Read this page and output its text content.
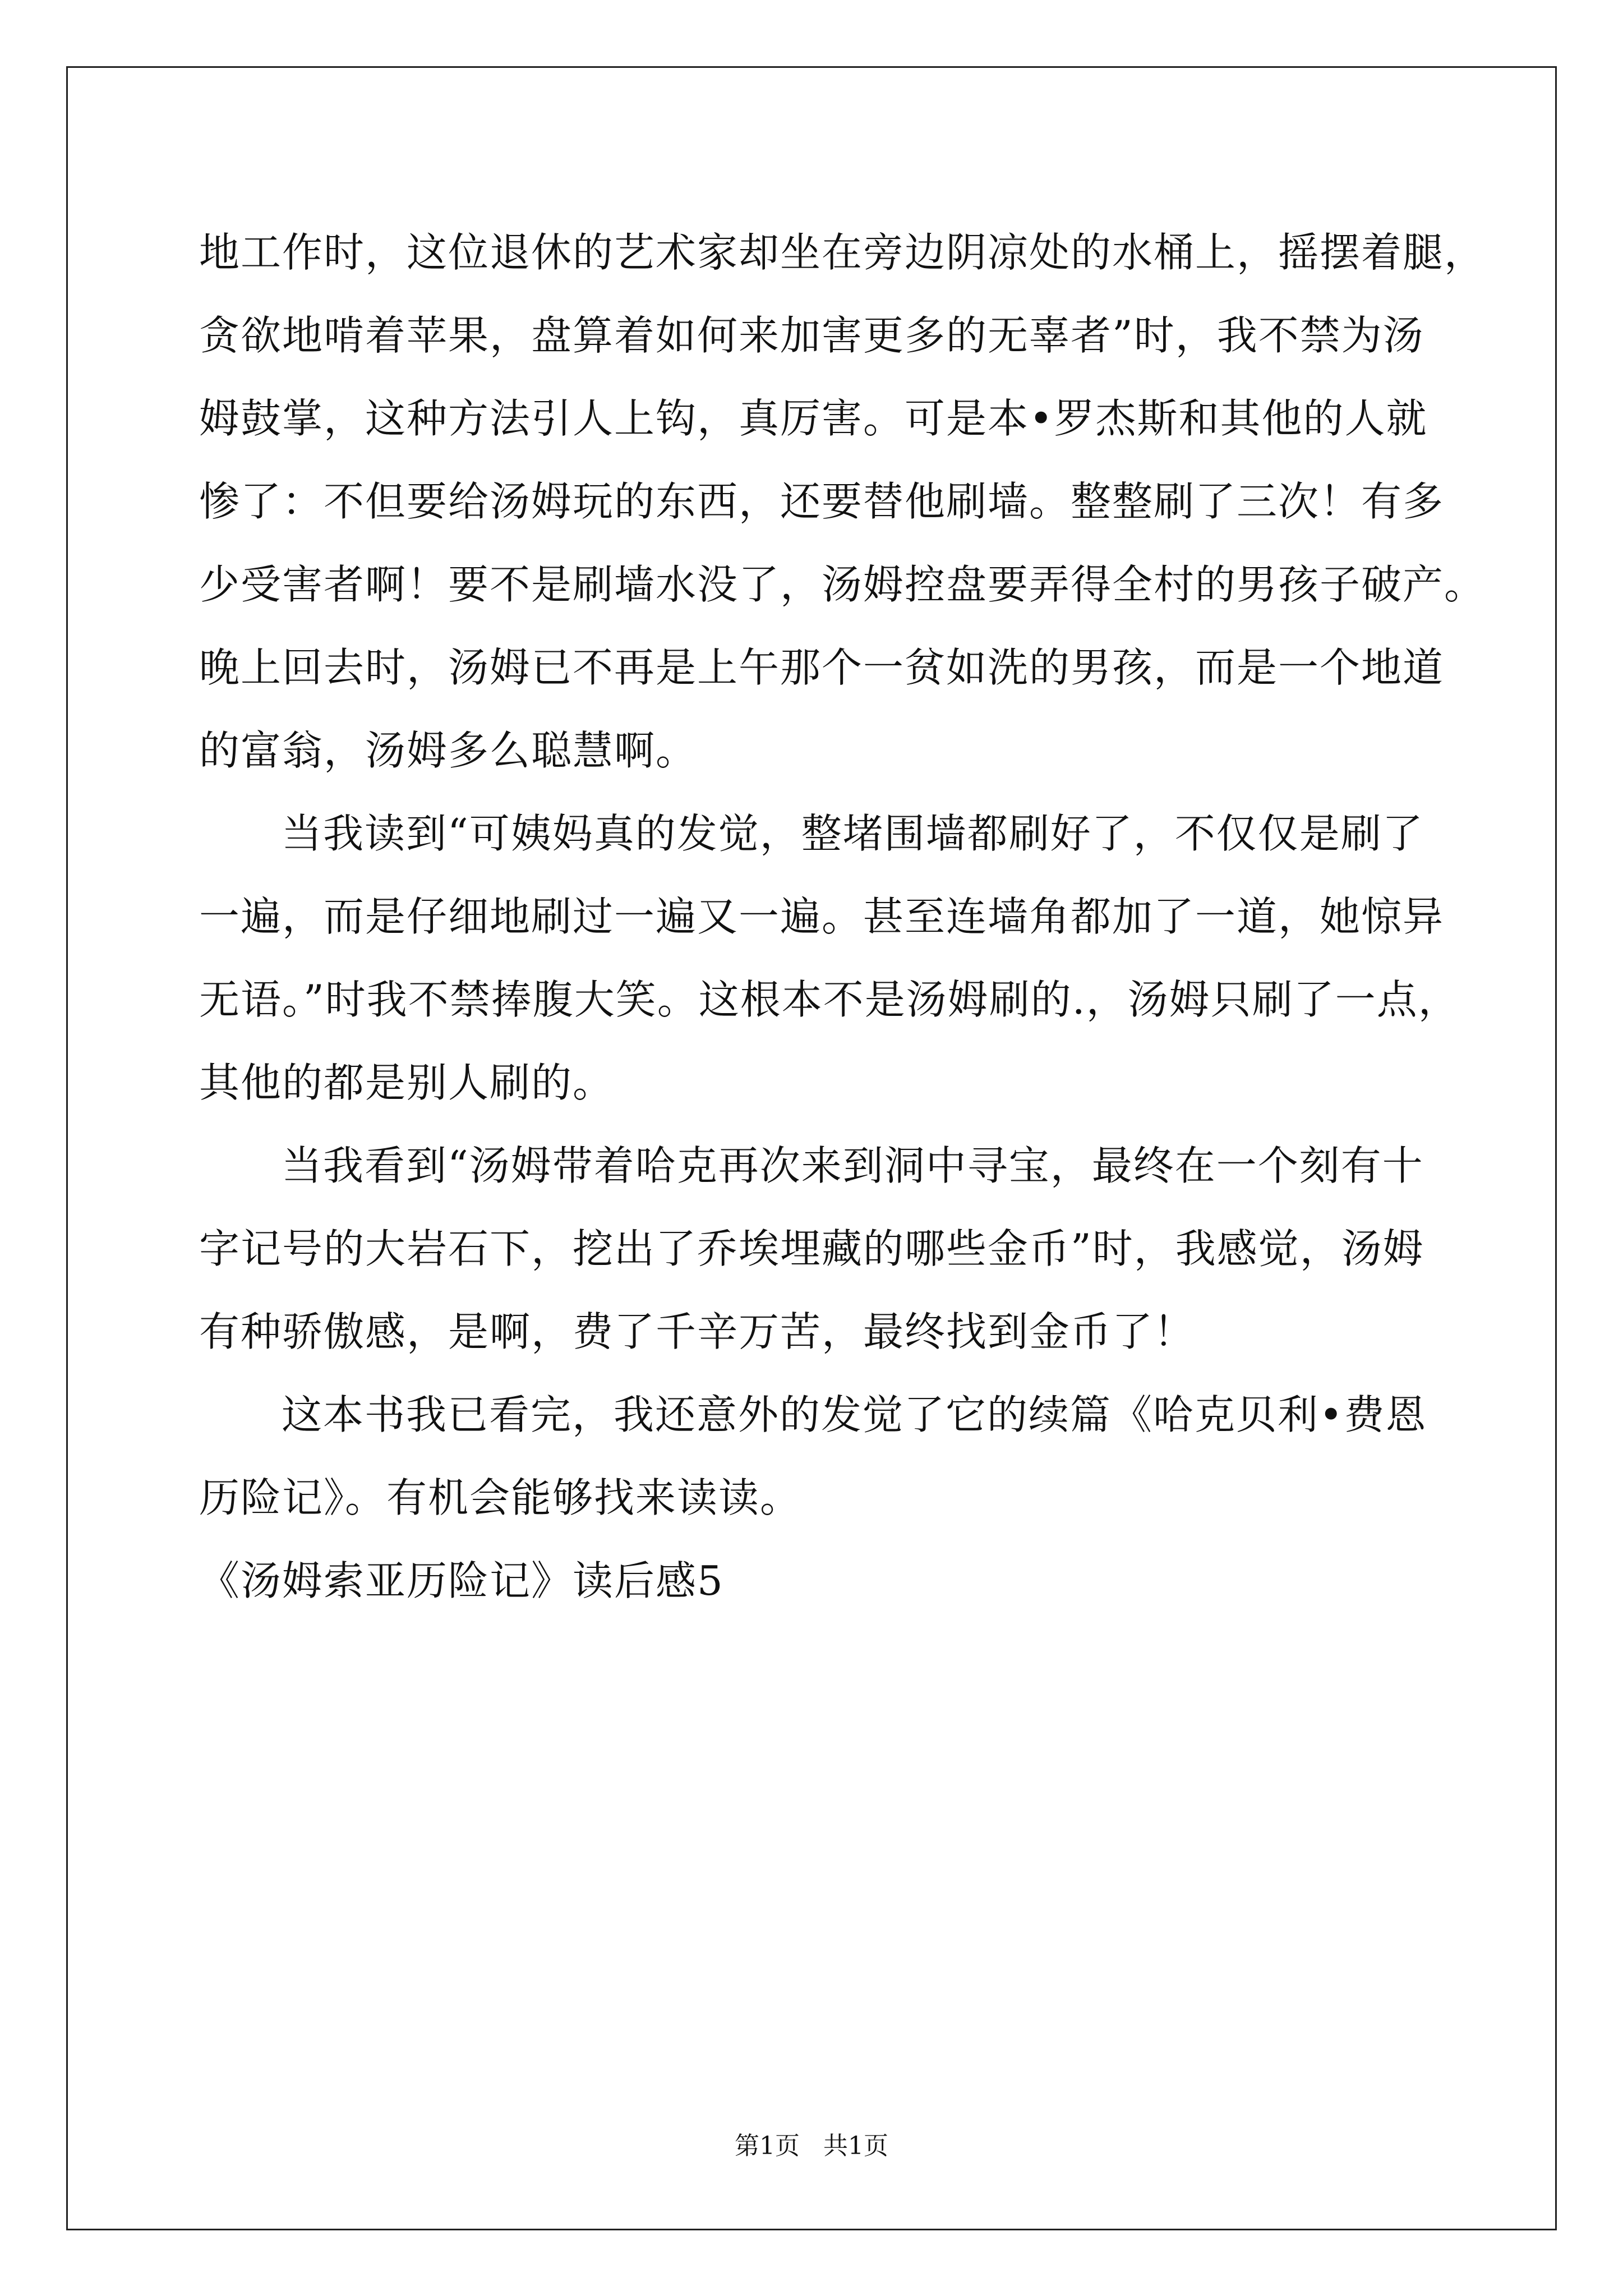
地工作时，这位退休的艺术家却坐在旁边阴凉处的水桶上，摇摆着腿，
贪欲地啃着苹果，盘算着如何来加害更多的无辜者”时，我不禁为汤
姆鼓掌，这种方法引人上钩，真厉害。可是本•罗杰斯和其他的人就
惨了：不但要给汤姆玩的东西，还要替他刷墙。整整刷了三次！有多
少受害者啊！要不是刷墙水没了，汤姆控盘要弄得全村的男孩子破产。
晚上回去时，汤姆已不再是上午那个一贫如洗的男孩，而是一个地道
的富翁，汤姆多么聪慧啊。
当我读到“可姨妈真的发觉，整堵围墙都刷好了，不仅仅是刷了
一遍，而是仔细地刷过一遍又一遍。甚至连墙角都加了一道，她惊异
无语。”时我不禁捧腹大笑。这根本不是汤姆刷的.，汤姆只刷了一点，
其他的都是别人刷的。
当我看到“汤姆带着哈克再次来到洞中寻宝，最终在一个刻有十
字记号的大岩石下，挖出了乔埃埋藏的哪些金币”时，我感觉，汤姆
有种骄傲感，是啊，费了千辛万苦，最终找到金币了！
这本书我已看完，我还意外的发觉了它的续篇《哈克贝利•费恩
历险记》。有机会能够找来读读。
《汤姆索亚历险记》读后感5
第1页   共1页
